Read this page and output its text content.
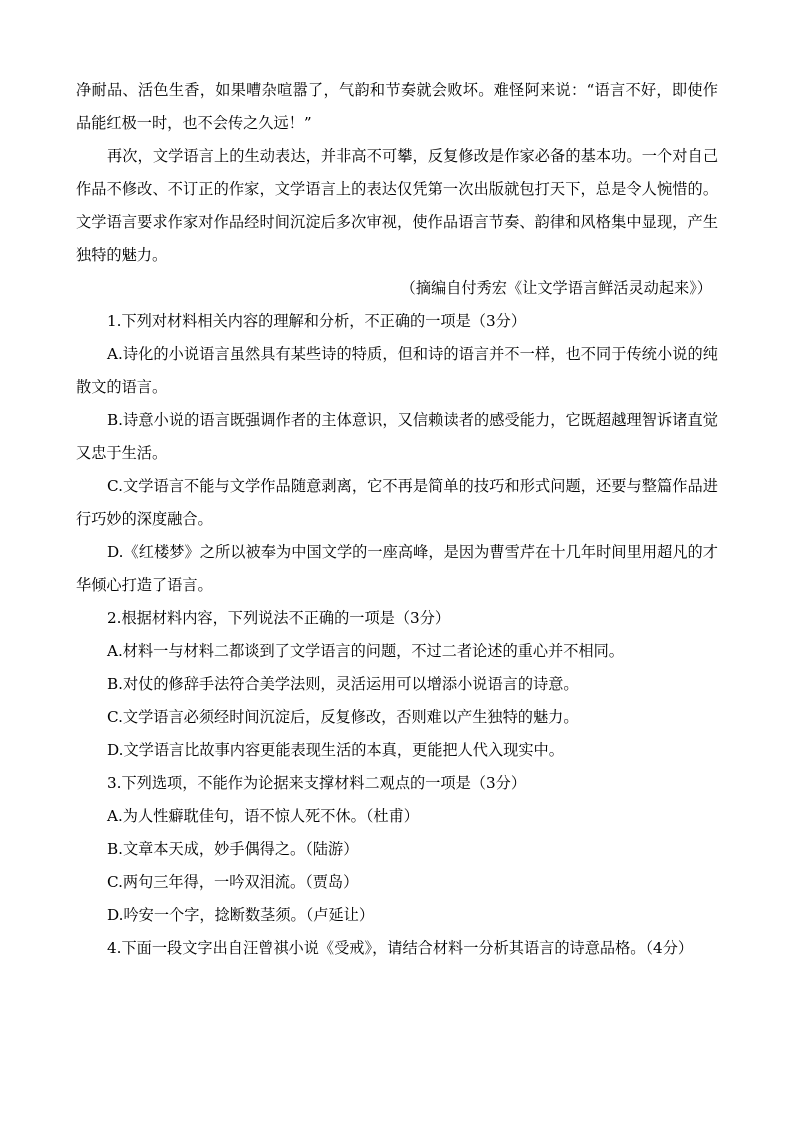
净耐品、活色生香，如果嘈杂喧嚣了，气韵和节奏就会败坏。难怪阿来说：“语言不好，即使作品能红极一时，也不会传之久远！”

再次，文学语言上的生动表达，并非高不可攀，反复修改是作家必备的基本功。一个对自己作品不修改、不订正的作家，文学语言上的表达仅凭第一次出版就包打天下，总是令人惋惜的。文学语言要求作家对作品经时间沉淀后多次审视，使作品语言节奏、韵律和风格集中显现，产生独特的魅力。

（摘编自付秀宏《让文学语言鲜活灵动起来》）

1.下列对材料相关内容的理解和分析，不正确的一项是（3分）

A.诗化的小说语言虽然具有某些诗的特质，但和诗的语言并不一样，也不同于传统小说的纯散文的语言。

B.诗意小说的语言既强调作者的主体意识，又信赖读者的感受能力，它既超越理智诉诸直觉又忠于生活。

C.文学语言不能与文学作品随意剥离，它不再是简单的技巧和形式问题，还要与整篇作品进行巧妙的深度融合。

D.《红楼梦》之所以被奉为中国文学的一座高峰，是因为曹雪芹在十几年时间里用超凡的才华倾心打造了语言。

2.根据材料内容，下列说法不正确的一项是（3分）

A.材料一与材料二都谈到了文学语言的问题，不过二者论述的重心并不相同。

B.对仗的修辞手法符合美学法则，灵活运用可以增添小说语言的诗意。

C.文学语言必须经时间沉淀后，反复修改，否则难以产生独特的魅力。

D.文学语言比故事内容更能表现生活的本真，更能把人代入现实中。

3.下列选项，不能作为论据来支撑材料二观点的一项是（3分）

A.为人性癖耽佳句，语不惊人死不休。（杜甫）

B.文章本天成，妙手偶得之。（陆游）

C.两句三年得，一吟双泪流。（贾岛）

D.吟安一个字，捻断数茎须。（卢延让）

4.下面一段文字出自汪曾祺小说《受戒》，请结合材料一分析其语言的诗意品格。（4分）
